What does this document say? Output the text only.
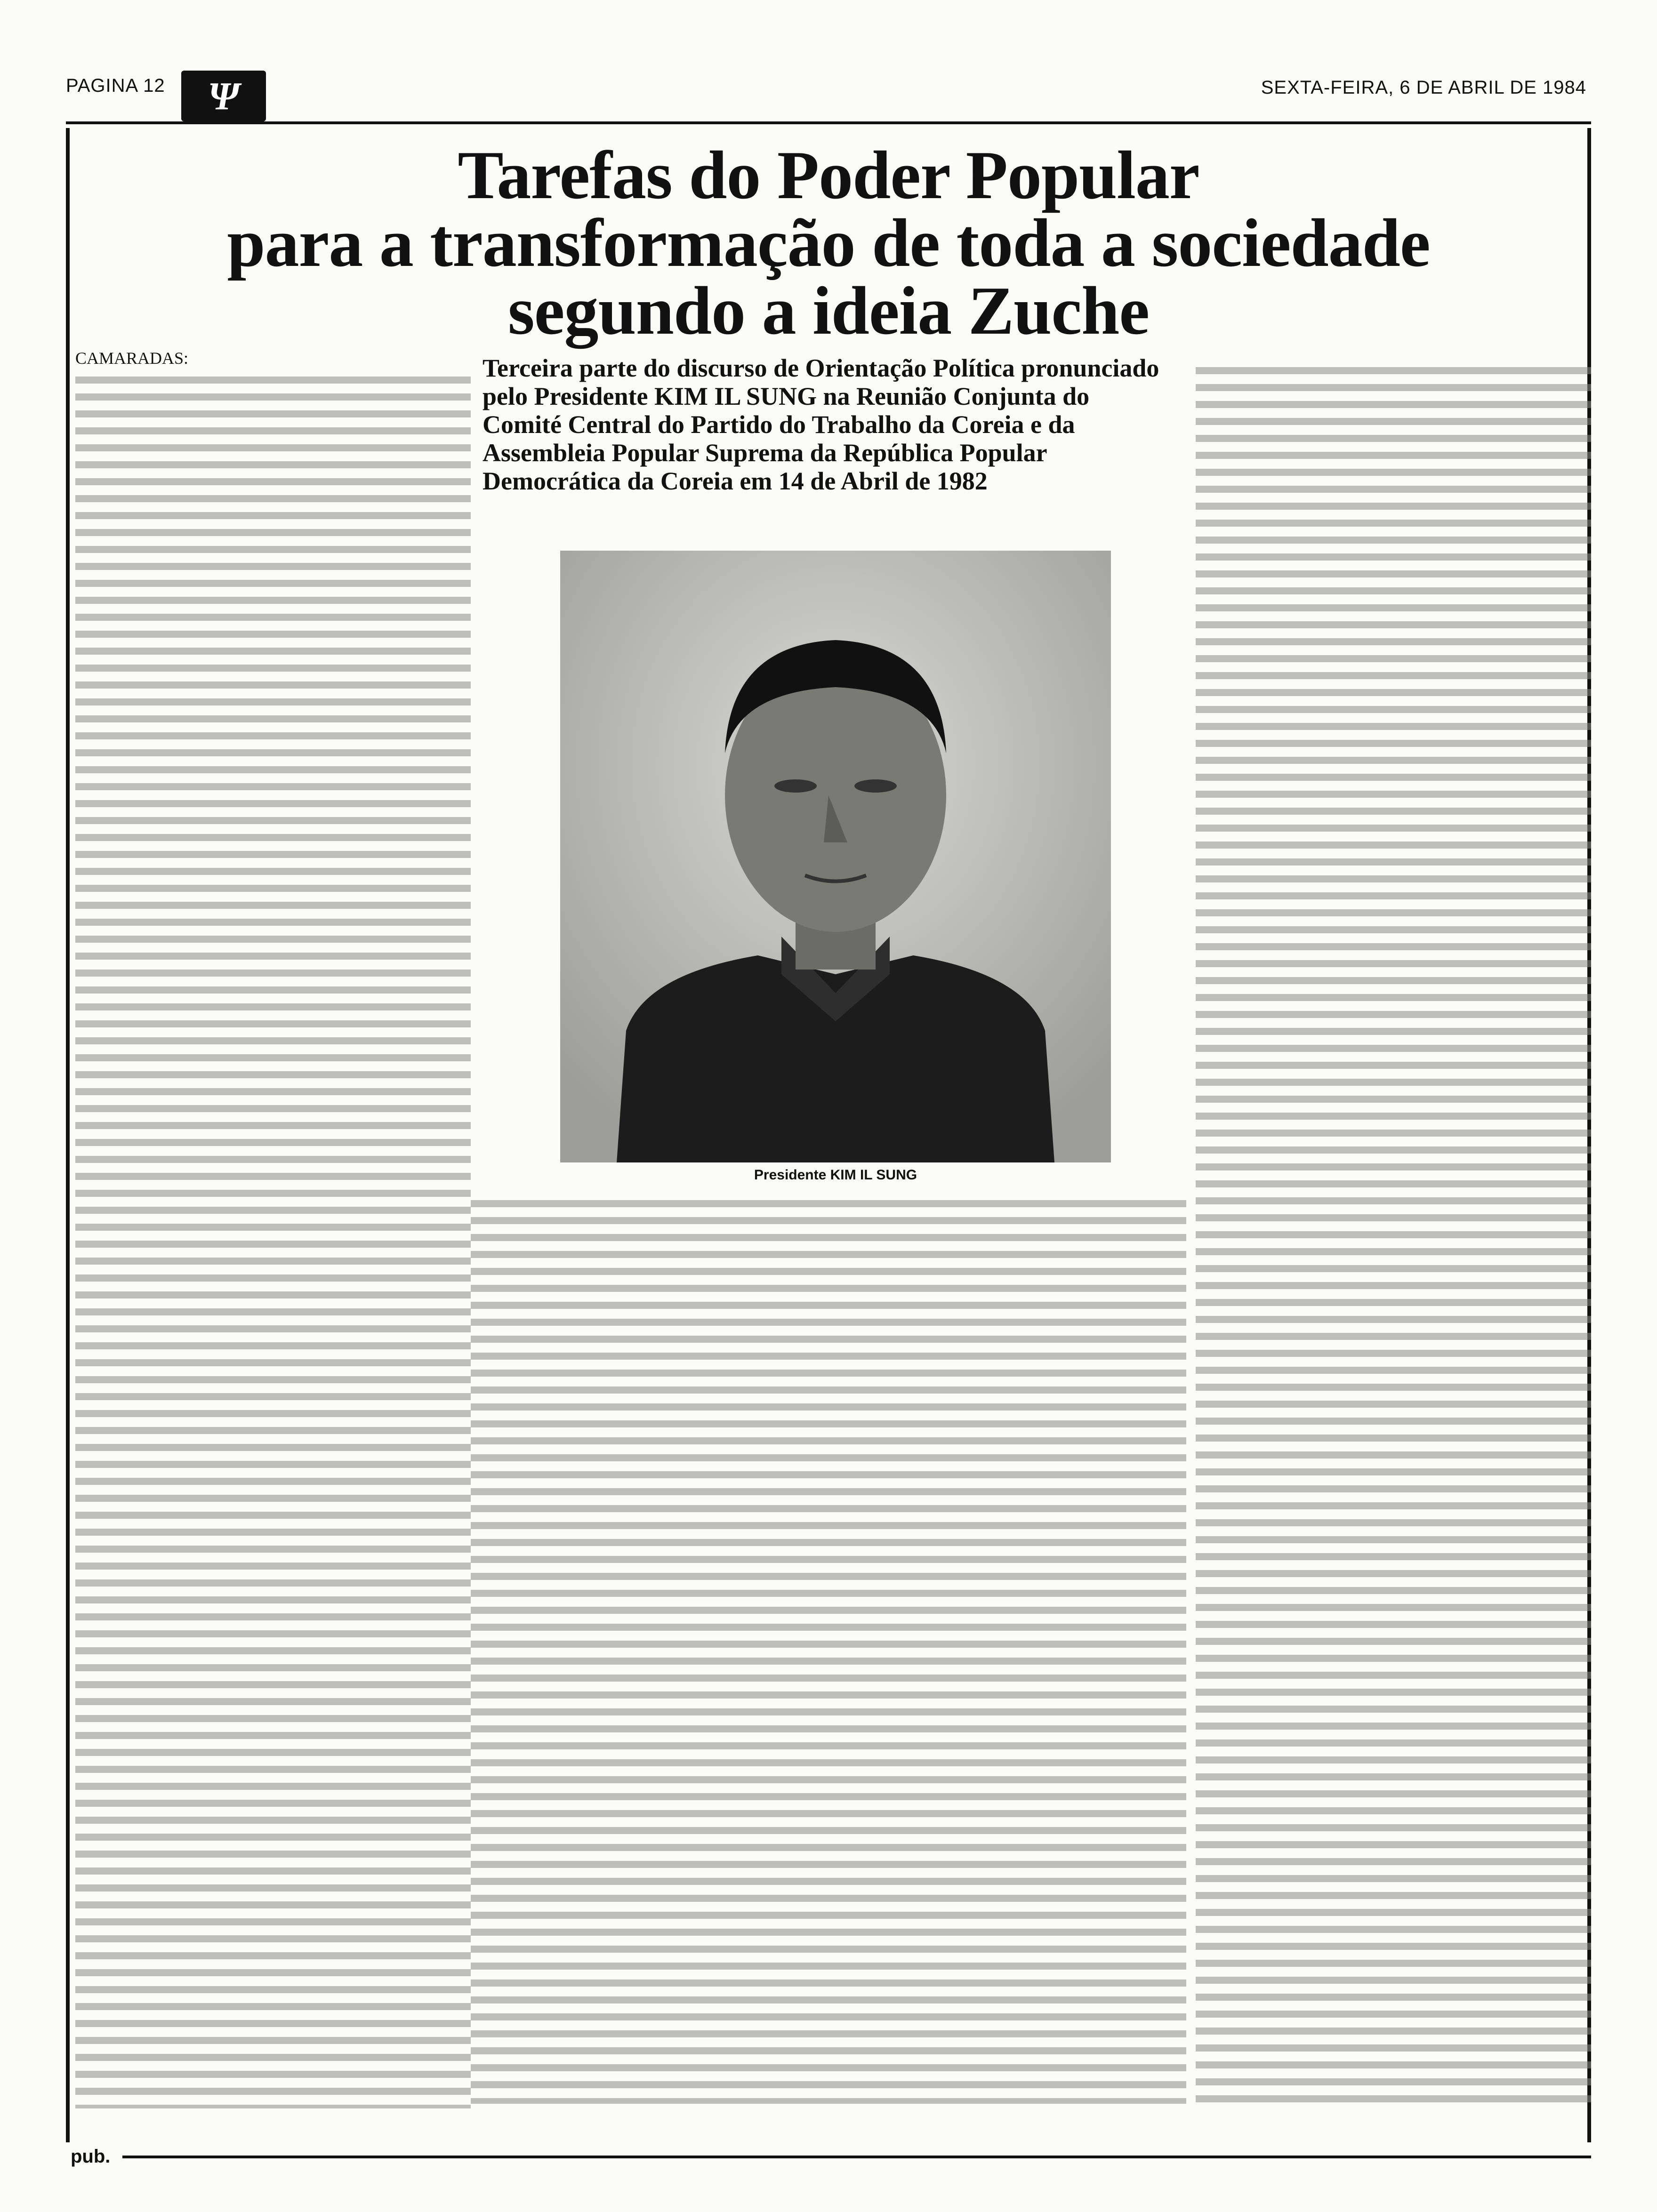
PAGINA 12	Ψ	SEXTA-FEIRA, 6 DE ABRIL DE 1984
Tarefas do Poder Popular
para a transformação de toda a sociedade
segundo a ideia Zuche
CAMARADAS:	Terceira parte do discurso de Orientação Política pronunciado pelo Presidente KIM IL SUNG na Reunião Conjunta do Comité Central do Partido do Trabalho da Coreia e da Assembleia Popular Suprema da República Popular Democrática da Coreia em 14 de Abril de 1982
Presidente KIM IL SUNG
pub.
